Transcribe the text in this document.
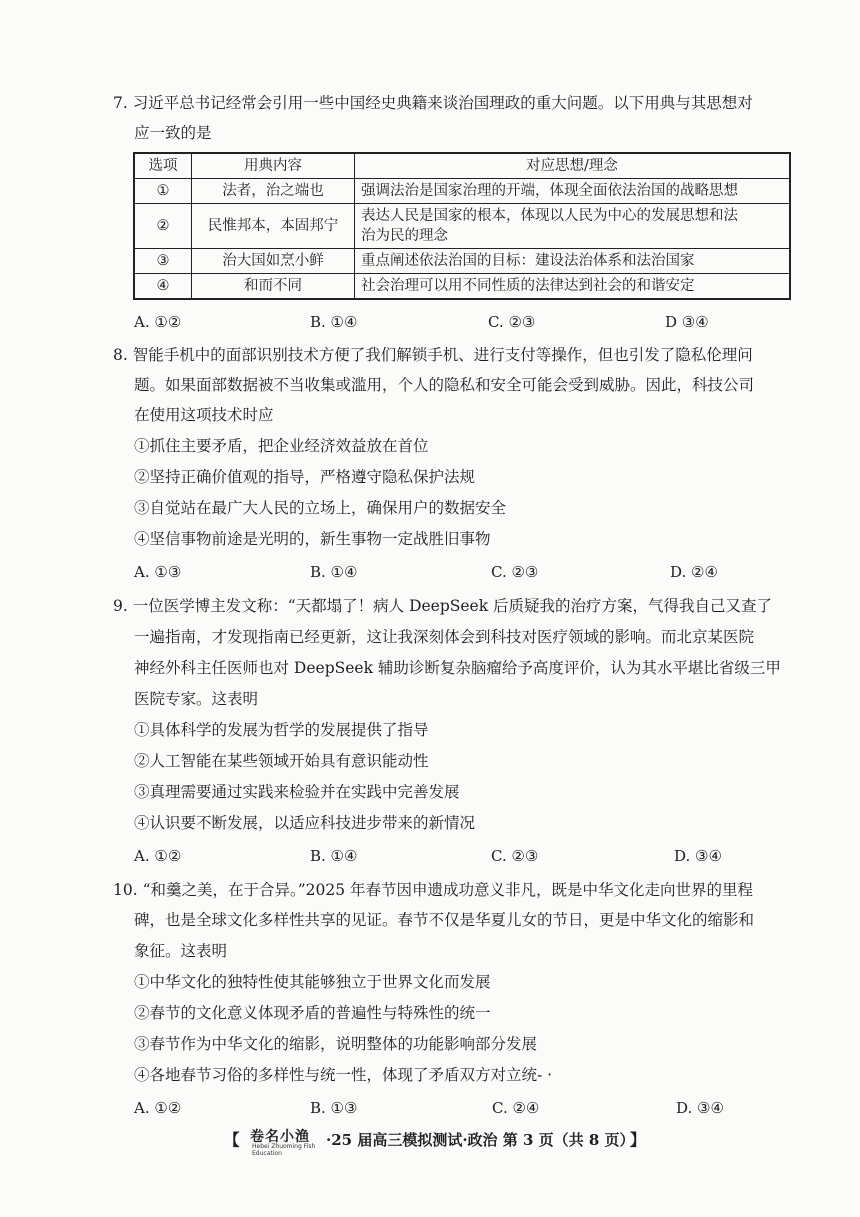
7. 习近平总书记经常会引用一些中国经史典籍来谈治国理政的重大问题。以下用典与其思想对
应一致的是
选项	用典内容	对应思想/理念
①	法者，治之端也	强调法治是国家治理的开端，体现全面依法治国的战略思想
②	民惟邦本，本固邦宁	表达人民是国家的根本，体现以人民为中心的发展思想和法
治为民的理念
③	治大国如烹小鲜	重点阐述依法治国的目标：建设法治体系和法治国家
④	和而不同	社会治理可以用不同性质的法律达到社会的和谐安定
A. ①②	B. ①④	C. ②③	D ③④
8. 智能手机中的面部识别技术方便了我们解锁手机、进行支付等操作，但也引发了隐私伦理问
题。如果面部数据被不当收集或滥用，个人的隐私和安全可能会受到威胁。因此，科技公司
在使用这项技术时应
①抓住主要矛盾，把企业经济效益放在首位
②坚持正确价值观的指导，严格遵守隐私保护法规
③自觉站在最广大人民的立场上，确保用户的数据安全
④坚信事物前途是光明的，新生事物一定战胜旧事物
A. ①③	B. ①④	C. ②③	D. ②④
9. 一位医学博主发文称：“天都塌了！病人 DeepSeek 后质疑我的治疗方案，气得我自己又查了
一遍指南，才发现指南已经更新，这让我深刻体会到科技对医疗领域的影响。而北京某医院
神经外科主任医师也对 DeepSeek 辅助诊断复杂脑瘤给予高度评价，认为其水平堪比省级三甲
医院专家。这表明
①具体科学的发展为哲学的发展提供了指导
②人工智能在某些领域开始具有意识能动性
③真理需要通过实践来检验并在实践中完善发展
④认识要不断发展，以适应科技进步带来的新情况
A. ①②	B. ①④	C. ②③	D. ③④
10. “和羹之美，在于合异。”2025 年春节因申遗成功意义非凡，既是中华文化走向世界的里程
碑，也是全球文化多样性共享的见证。春节不仅是华夏儿女的节日，更是中华文化的缩影和
象征。这表明
①中华文化的独特性使其能够独立于世界文化而发展
②春节的文化意义体现矛盾的普遍性与特殊性的统一
③春节作为中华文化的缩影，说明整体的功能影响部分发展
④各地春节习俗的多样性与统一性，体现了矛盾双方对立统- ·
A. ①②	B. ①③	C. ②④	D. ③④
【 卷名小渔
Hebei Zhuoming Fish Education
·25 届高三模拟测试·政治 第 3 页（共 8 页）
】
